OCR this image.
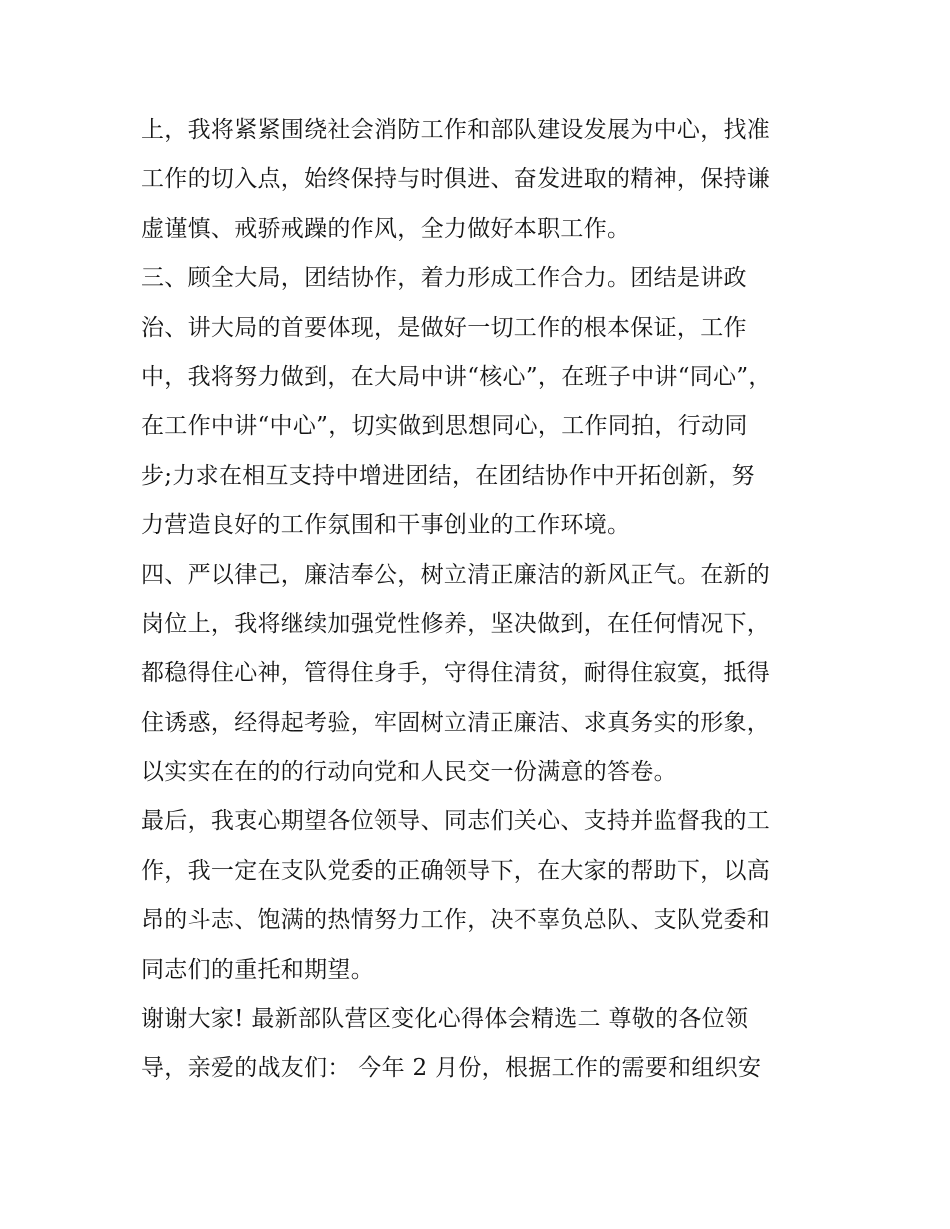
上，我将紧紧围绕社会消防工作和部队建设发展为中心，找准
工作的切入点，始终保持与时俱进、奋发进取的精神，保持谦
虚谨慎、戒骄戒躁的作风，全力做好本职工作。
三、顾全大局，团结协作，着力形成工作合力。团结是讲政
治、讲大局的首要体现，是做好一切工作的根本保证，工作
中，我将努力做到，在大局中讲“核心”，在班子中讲“同心”，
在工作中讲“中心”，切实做到思想同心，工作同拍，行动同
步;力求在相互支持中增进团结，在团结协作中开拓创新，努
力营造良好的工作氛围和干事创业的工作环境。
四、严以律己，廉洁奉公，树立清正廉洁的新风正气。在新的
岗位上，我将继续加强党性修养，坚决做到，在任何情况下，
都稳得住心神，管得住身手，守得住清贫，耐得住寂寞，抵得
住诱惑，经得起考验，牢固树立清正廉洁、求真务实的形象，
以实实在在的的行动向党和人民交一份满意的答卷。
最后，我衷心期望各位领导、同志们关心、支持并监督我的工
作，我一定在支队党委的正确领导下，在大家的帮助下，以高
昂的斗志、饱满的热情努力工作，决不辜负总队、支队党委和
同志们的重托和期望。
谢谢大家! 最新部队营区变化心得体会精选二 尊敬的各位领
导，亲爱的战友们： 今年 2 月份，根据工作的需要和组织安
